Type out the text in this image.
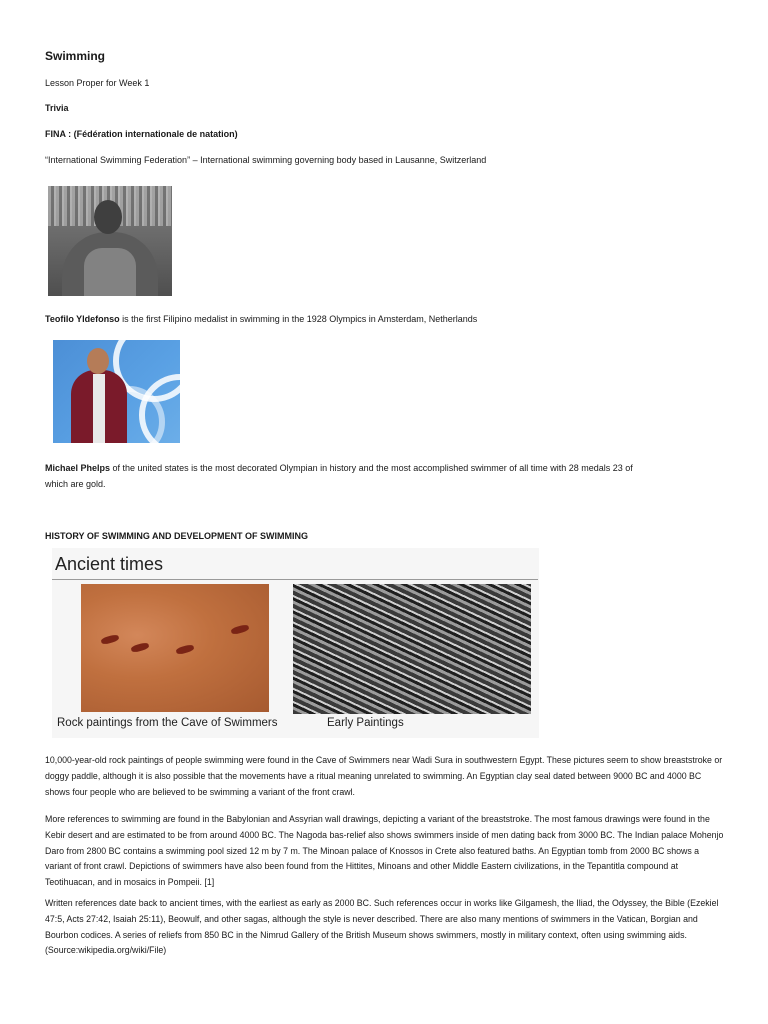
Swimming
Lesson Proper for Week 1
Trivia
FINA : (Fédération internationale de natation)
“International Swimming Federation” – International swimming governing body based in Lausanne, Switzerland
Teofilo Yldefonso is the first Filipino medalist in swimming in the 1928 Olympics in Amsterdam, Netherlands
Michael Phelps of the united states is the most decorated Olympian in history and the most accomplished swimmer of all time with 28 medals 23 of
which are gold.
HISTORY OF SWIMMING AND DEVELOPMENT OF SWIMMING
Ancient times
Rock paintings from the Cave of Swimmers	Early Paintings
10,000-year-old rock paintings of people swimming were found in the Cave of Swimmers near Wadi Sura in southwestern Egypt. These pictures seem to show breaststroke or doggy paddle, although it is also possible that the movements have a ritual meaning unrelated to swimming. An Egyptian clay seal dated between 9000 BC and 4000 BC shows four people who are believed to be swimming a variant of the front crawl.
More references to swimming are found in the Babylonian and Assyrian wall drawings, depicting a variant of the breaststroke. The most famous drawings were found in the Kebir desert and are estimated to be from around 4000 BC. The Nagoda bas-relief also shows swimmers inside of men dating back from 3000 BC. The Indian palace Mohenjo Daro from 2800 BC contains a swimming pool sized 12 m by 7 m. The Minoan palace of Knossos in Crete also featured baths. An Egyptian tomb from 2000 BC shows a variant of front crawl. Depictions of swimmers have also been found from the Hittites, Minoans and other Middle Eastern civilizations, in the Tepantitla compound at Teotihuacan, and in mosaics in Pompeii. [1]
Written references date back to ancient times, with the earliest as early as 2000 BC. Such references occur in works like Gilgamesh, the Iliad, the Odyssey, the Bible (Ezekiel 47:5, Acts 27:42, Isaiah 25:11), Beowulf, and other sagas, although the style is never described. There are also many mentions of swimmers in the Vatican, Borgian and Bourbon codices. A series of reliefs from 850 BC in the Nimrud Gallery of the British Museum shows swimmers, mostly in military context, often using swimming aids. (Source:wikipedia.org/wiki/File)
